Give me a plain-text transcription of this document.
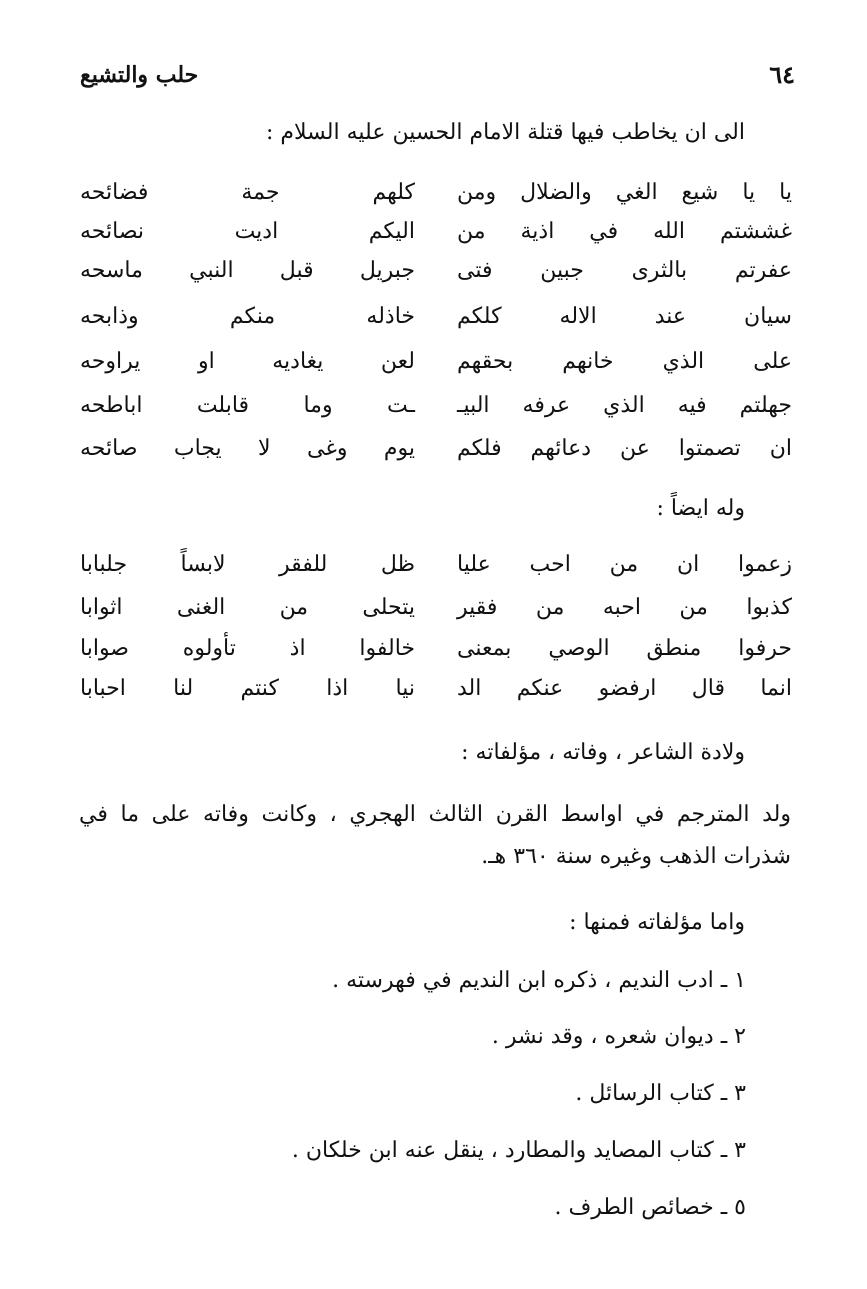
٦٤
حلب والتشيع
الى ان يخاطب فيها قتلة الامام الحسين عليه السلام :
يا يا شيع الغي والضلال ومن
كلهم جمة فضائحه
غششتم الله في اذية من
اليكم اديت نصائحه
عفرتم بالثرى جبين فتى
جبريل قبل النبي ماسحه
سيان عند الاله كلكم
خاذله منكم وذابحه
على الذي خانهم بحقهم
لعن يغاديه او يراوحه
جهلتم فيه الذي عرفه البيـ
ـت وما قابلت اباطحه
ان تصمتوا عن دعائهم فلكم
يوم وغى لا يجاب صائحه
وله ايضاً :
زعموا ان من احب عليا
ظل للفقر لابساً جلبابا
كذبوا من احبه من فقير
يتحلى من الغنى اثوابا
حرفوا منطق الوصي بمعنى
خالفوا اذ تأولوه صوابا
انما قال ارفضو عنكم الد
نيا اذا كنتم لنا احبابا
ولادة الشاعر ، وفاته ، مؤلفاته :
ولد المترجم في اواسط القرن الثالث الهجري ، وكانت وفاته على ما في شذرات الذهب وغيره سنة ٣٦٠ هـ.
واما مؤلفاته فمنها :
١ ـ ادب النديم ، ذكره ابن النديم في فهرسته .
٢ ـ ديوان شعره ، وقد نشر .
٣ ـ كتاب الرسائل .
٣ ـ كتاب المصايد والمطارد ، ينقل عنه ابن خلكان .
٥ ـ خصائص الطرف .
